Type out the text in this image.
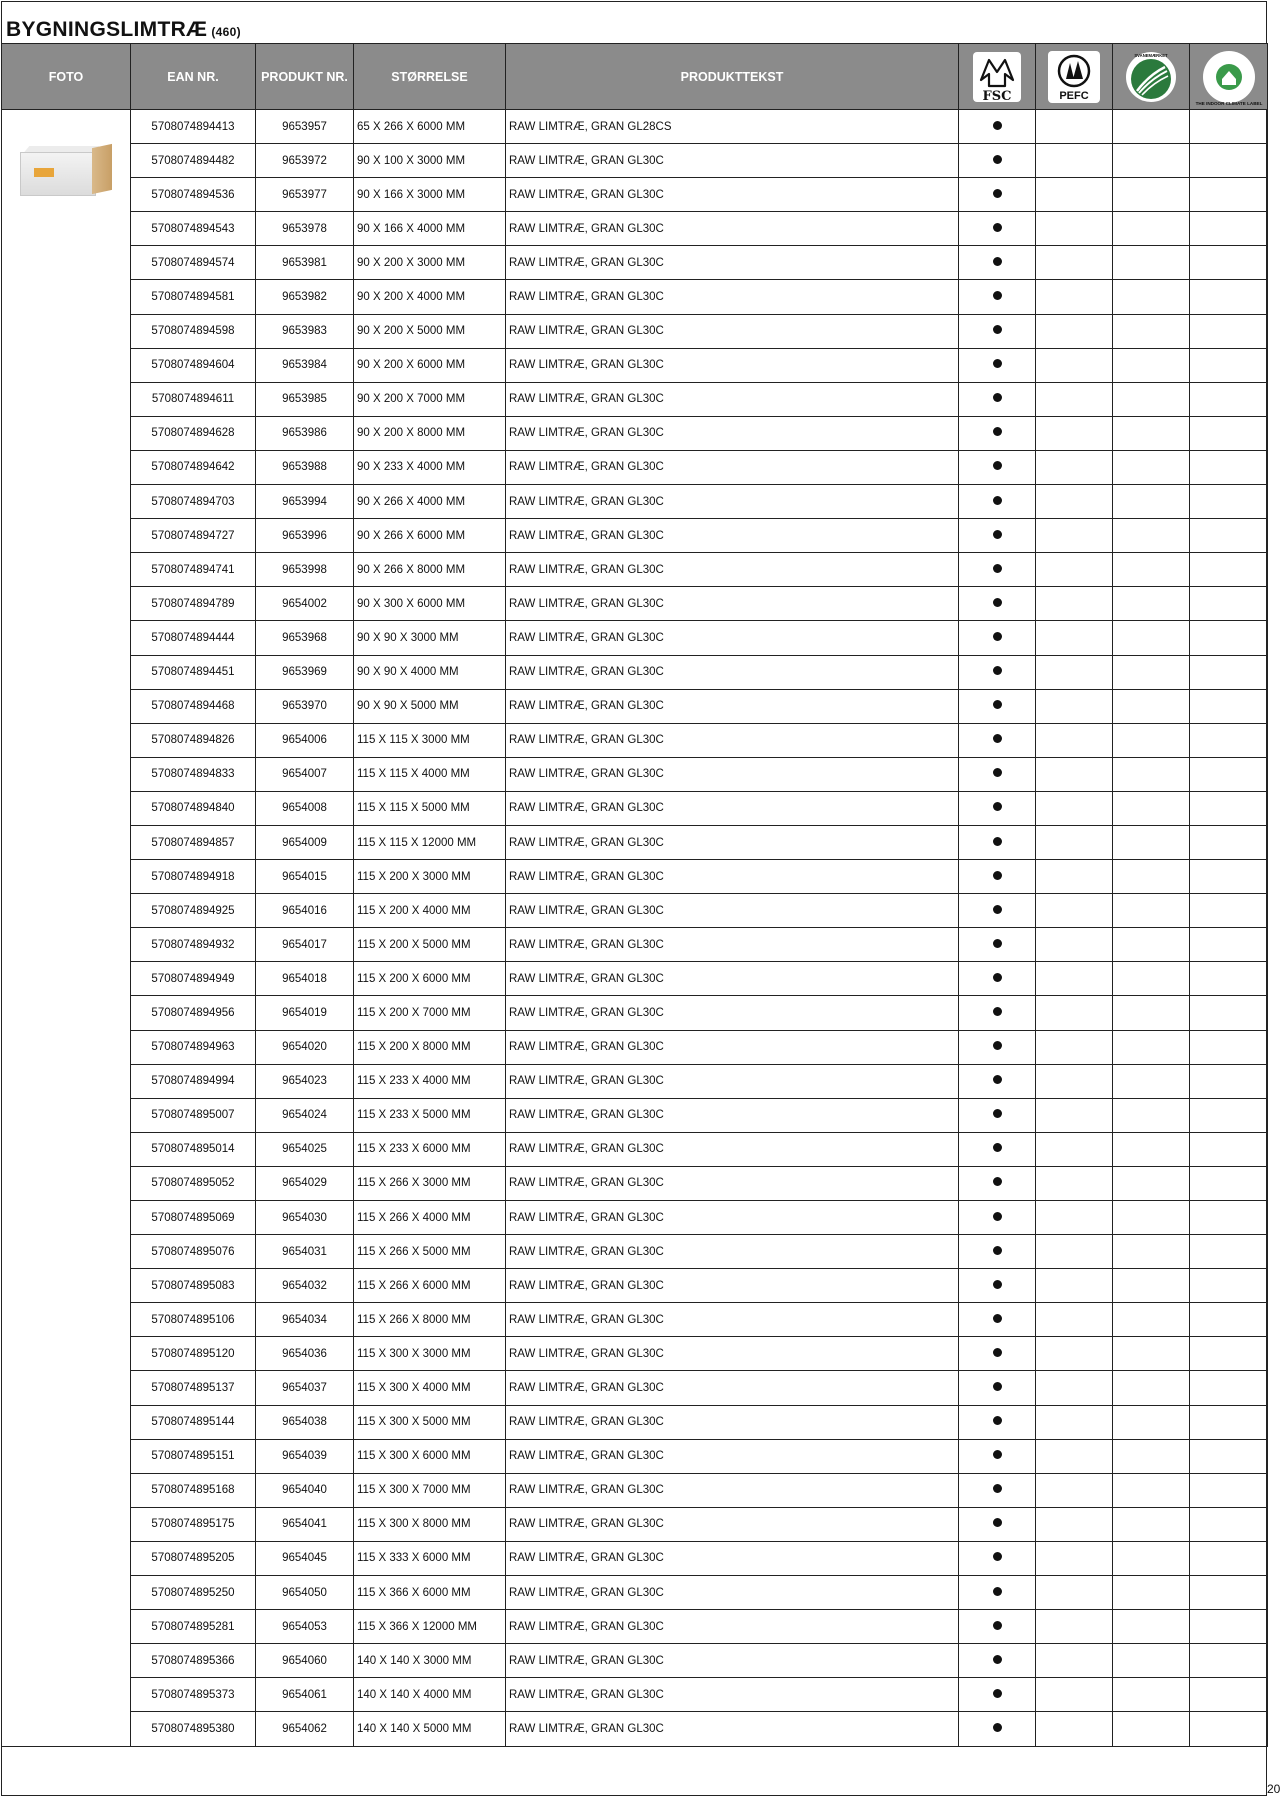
BYGNINGSLIMTRÆ (460)
FOTO	EAN NR.	PRODUKT NR.	STØRRELSE	PRODUKTTEKST	FSC	PEFC	SVANEMÆRKET	THE INDOOR CLIMATE LABEL

	5708074894413	9653957	65 X 266 X 6000 MM	RAW LIMTRÆ, GRAN GL28CS				
	5708074894482	9653972	90 X 100 X 3000 MM	RAW LIMTRÆ, GRAN GL30C				
	5708074894536	9653977	90 X 166 X 3000 MM	RAW LIMTRÆ, GRAN GL30C				
	5708074894543	9653978	90 X 166 X 4000 MM	RAW LIMTRÆ, GRAN GL30C				
	5708074894574	9653981	90 X 200 X 3000 MM	RAW LIMTRÆ, GRAN GL30C				
	5708074894581	9653982	90 X 200 X 4000 MM	RAW LIMTRÆ, GRAN GL30C				
	5708074894598	9653983	90 X 200 X 5000 MM	RAW LIMTRÆ, GRAN GL30C				
	5708074894604	9653984	90 X 200 X 6000 MM	RAW LIMTRÆ, GRAN GL30C				
	5708074894611	9653985	90 X 200 X 7000 MM	RAW LIMTRÆ, GRAN GL30C				
	5708074894628	9653986	90 X 200 X 8000 MM	RAW LIMTRÆ, GRAN GL30C				
	5708074894642	9653988	90 X 233 X 4000 MM	RAW LIMTRÆ, GRAN GL30C				
	5708074894703	9653994	90 X 266 X 4000 MM	RAW LIMTRÆ, GRAN GL30C				
	5708074894727	9653996	90 X 266 X 6000 MM	RAW LIMTRÆ, GRAN GL30C				
	5708074894741	9653998	90 X 266 X 8000 MM	RAW LIMTRÆ, GRAN GL30C				
	5708074894789	9654002	90 X 300 X 6000 MM	RAW LIMTRÆ, GRAN GL30C				
	5708074894444	9653968	90 X 90 X 3000 MM	RAW LIMTRÆ, GRAN GL30C				
	5708074894451	9653969	90 X 90 X 4000 MM	RAW LIMTRÆ, GRAN GL30C				
	5708074894468	9653970	90 X 90 X 5000 MM	RAW LIMTRÆ, GRAN GL30C				
	5708074894826	9654006	115 X 115 X 3000 MM	RAW LIMTRÆ, GRAN GL30C				
	5708074894833	9654007	115 X 115 X 4000 MM	RAW LIMTRÆ, GRAN GL30C				
	5708074894840	9654008	115 X 115 X 5000 MM	RAW LIMTRÆ, GRAN GL30C				
	5708074894857	9654009	115 X 115 X 12000 MM	RAW LIMTRÆ, GRAN GL30C				
	5708074894918	9654015	115 X 200 X 3000 MM	RAW LIMTRÆ, GRAN GL30C				
	5708074894925	9654016	115 X 200 X 4000 MM	RAW LIMTRÆ, GRAN GL30C				
	5708074894932	9654017	115 X 200 X 5000 MM	RAW LIMTRÆ, GRAN GL30C				
	5708074894949	9654018	115 X 200 X 6000 MM	RAW LIMTRÆ, GRAN GL30C				
	5708074894956	9654019	115 X 200 X 7000 MM	RAW LIMTRÆ, GRAN GL30C				
	5708074894963	9654020	115 X 200 X 8000 MM	RAW LIMTRÆ, GRAN GL30C				
	5708074894994	9654023	115 X 233 X 4000 MM	RAW LIMTRÆ, GRAN GL30C				
	5708074895007	9654024	115 X 233 X 5000 MM	RAW LIMTRÆ, GRAN GL30C				
	5708074895014	9654025	115 X 233 X 6000 MM	RAW LIMTRÆ, GRAN GL30C				
	5708074895052	9654029	115 X 266 X 3000 MM	RAW LIMTRÆ, GRAN GL30C				
	5708074895069	9654030	115 X 266 X 4000 MM	RAW LIMTRÆ, GRAN GL30C				
	5708074895076	9654031	115 X 266 X 5000 MM	RAW LIMTRÆ, GRAN GL30C				
	5708074895083	9654032	115 X 266 X 6000 MM	RAW LIMTRÆ, GRAN GL30C				
	5708074895106	9654034	115 X 266 X 8000 MM	RAW LIMTRÆ, GRAN GL30C				
	5708074895120	9654036	115 X 300 X 3000 MM	RAW LIMTRÆ, GRAN GL30C				
	5708074895137	9654037	115 X 300 X 4000 MM	RAW LIMTRÆ, GRAN GL30C				
	5708074895144	9654038	115 X 300 X 5000 MM	RAW LIMTRÆ, GRAN GL30C				
	5708074895151	9654039	115 X 300 X 6000 MM	RAW LIMTRÆ, GRAN GL30C				
	5708074895168	9654040	115 X 300 X 7000 MM	RAW LIMTRÆ, GRAN GL30C				
	5708074895175	9654041	115 X 300 X 8000 MM	RAW LIMTRÆ, GRAN GL30C				
	5708074895205	9654045	115 X 333 X 6000 MM	RAW LIMTRÆ, GRAN GL30C				
	5708074895250	9654050	115 X 366 X 6000 MM	RAW LIMTRÆ, GRAN GL30C				
	5708074895281	9654053	115 X 366 X 12000 MM	RAW LIMTRÆ, GRAN GL30C				
	5708074895366	9654060	140 X 140 X 3000 MM	RAW LIMTRÆ, GRAN GL30C				
	5708074895373	9654061	140 X 140 X 4000 MM	RAW LIMTRÆ, GRAN GL30C				
	5708074895380	9654062	140 X 140 X 5000 MM	RAW LIMTRÆ, GRAN GL30C				
20
